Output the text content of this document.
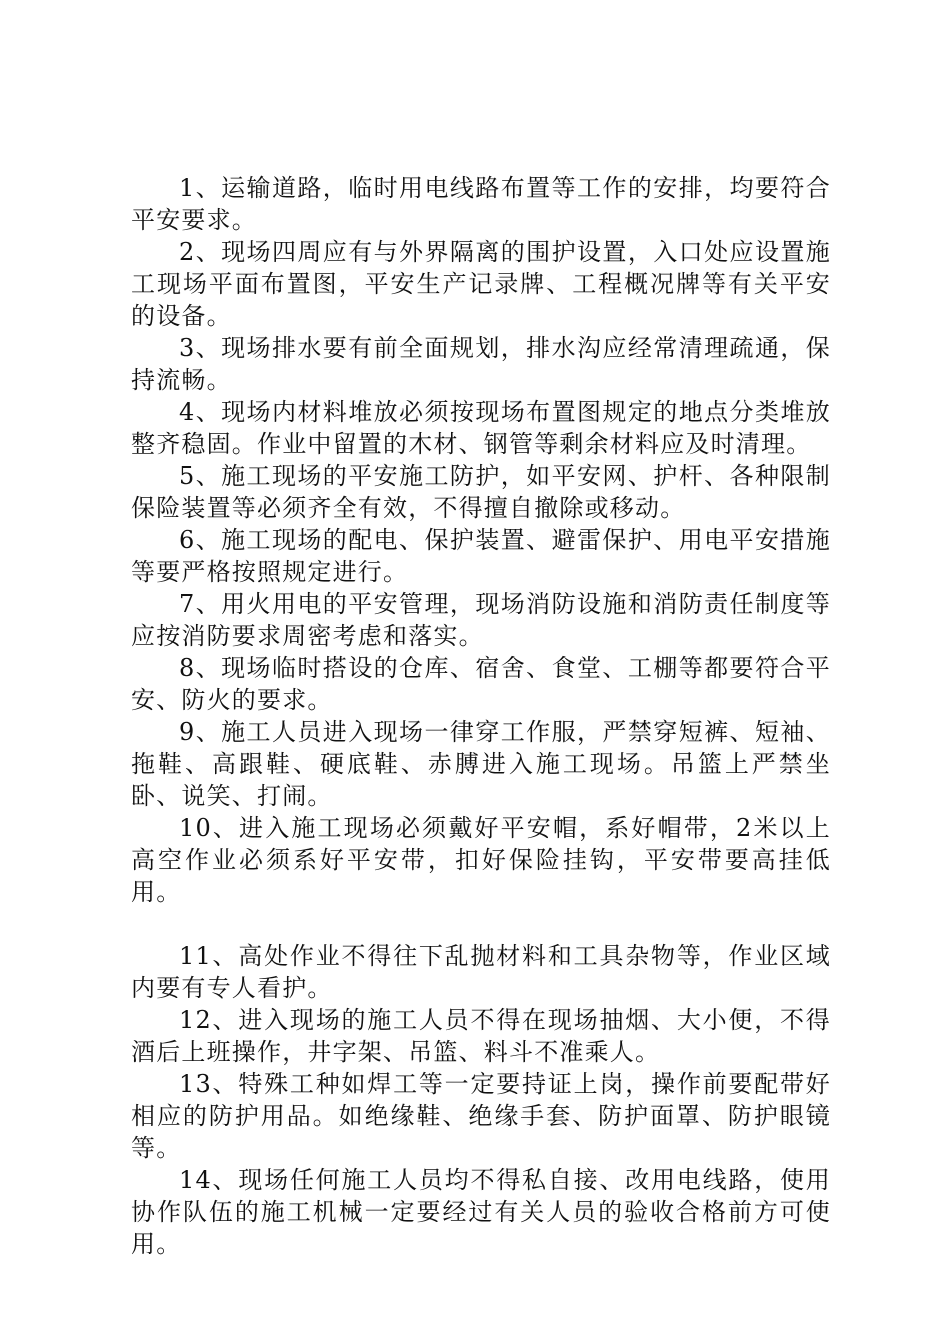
1、运输道路，临时用电线路布置等工作的安排，均要符合平安要求。

2、现场四周应有与外界隔离的围护设置，入口处应设置施工现场平面布置图，平安生产记录牌、工程概况牌等有关平安的设备。

3、现场排水要有前全面规划，排水沟应经常清理疏通，保持流畅。

4、现场内材料堆放必须按现场布置图规定的地点分类堆放整齐稳固。作业中留置的木材、钢管等剩余材料应及时清理。

5、施工现场的平安施工防护，如平安网、护杆、各种限制保险装置等必须齐全有效，不得擅自撤除或移动。

6、施工现场的配电、保护装置、避雷保护、用电平安措施等要严格按照规定进行。

7、用火用电的平安管理，现场消防设施和消防责任制度等应按消防要求周密考虑和落实。

8、现场临时搭设的仓库、宿舍、食堂、工棚等都要符合平安、防火的要求。

9、施工人员进入现场一律穿工作服，严禁穿短裤、短袖、拖鞋、高跟鞋、硬底鞋、赤膊进入施工现场。吊篮上严禁坐卧、说笑、打闹。

10、进入施工现场必须戴好平安帽，系好帽带，2米以上高空作业必须系好平安带，扣好保险挂钩，平安带要高挂低用。

11、高处作业不得往下乱抛材料和工具杂物等，作业区域内要有专人看护。

12、进入现场的施工人员不得在现场抽烟、大小便，不得酒后上班操作，井字架、吊篮、料斗不准乘人。

13、特殊工种如焊工等一定要持证上岗，操作前要配带好相应的防护用品。如绝缘鞋、绝缘手套、防护面罩、防护眼镜等。

14、现场任何施工人员均不得私自接、改用电线路，使用协作队伍的施工机械一定要经过有关人员的验收合格前方可使用。
